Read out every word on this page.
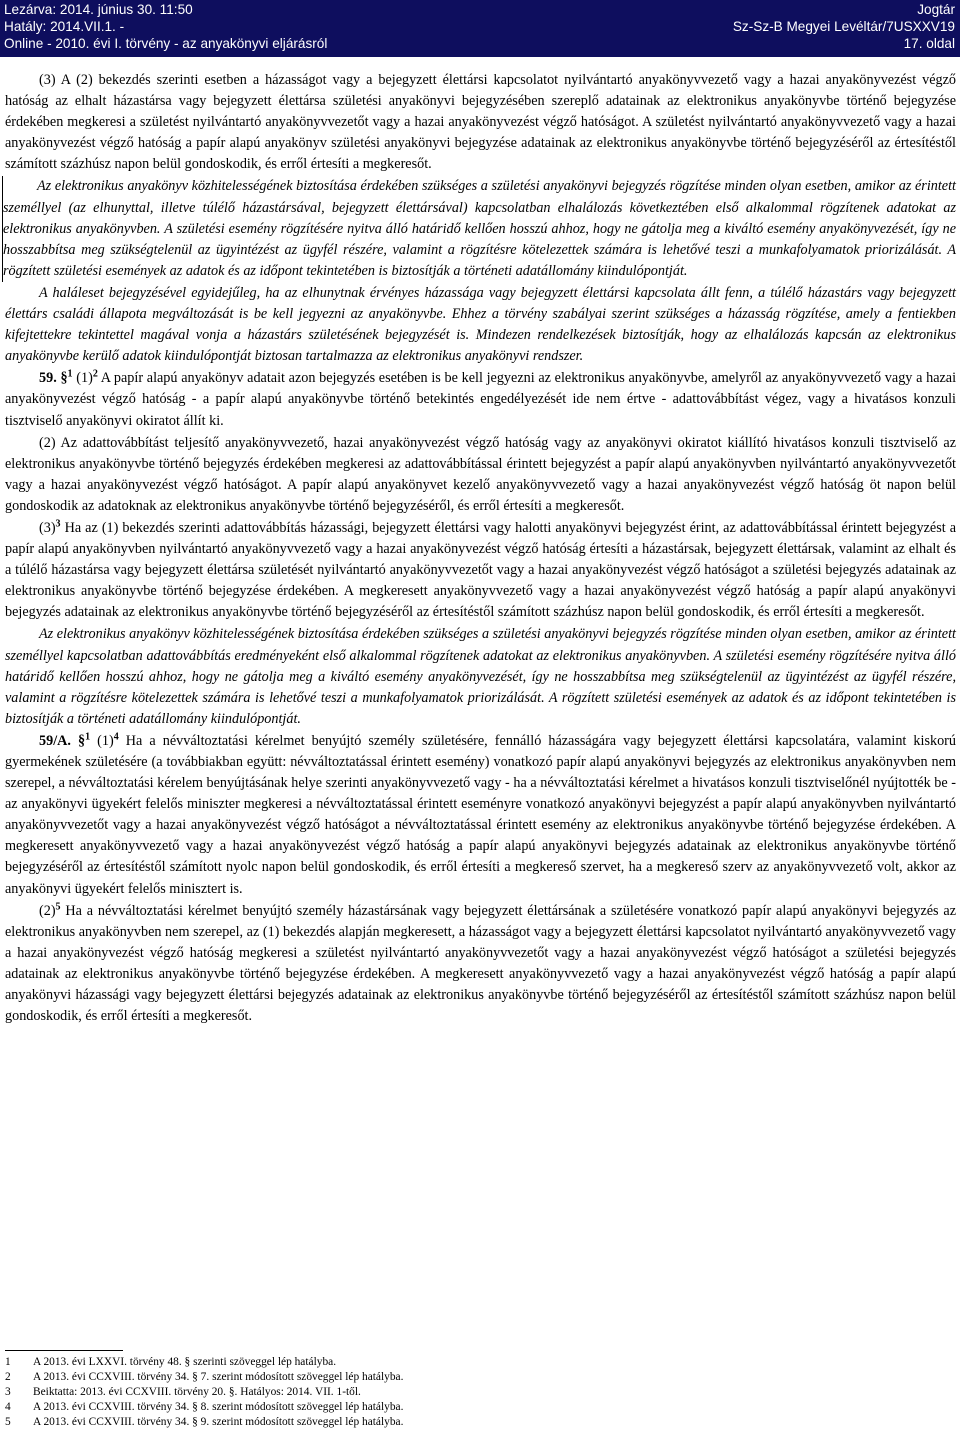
Lezárva: 2014. június 30. 11:50
Hatály: 2014.VII.1. -
Online - 2010. évi I. törvény - az anyakönyvi eljárásról
Jogtár
Sz-Sz-B Megyei Levéltár/7USXXV19
17. oldal

(3) A (2) bekezdés szerinti esetben a házasságot vagy a bejegyzett élettársi kapcsolatot nyilvántartó anyakönyvvezető vagy a hazai anyakönyvezést végző hatóság az elhalt házastársa vagy bejegyzett élettársa születési anyakönyvi bejegyzésében szereplő adatainak az elektronikus anyakönyvbe történő bejegyzése érdekében megkeresi a születést nyilvántartó anyakönyvvezetőt vagy a hazai anyakönyvezést végző hatóságot. A születést nyilvántartó anyakönyvvezető vagy a hazai anyakönyvezést végző hatóság a papír alapú anyakönyv születési anyakönyvi bejegyzése adatainak az elektronikus anyakönyvbe történő bejegyzéséről az értesítéstől számított százhúsz napon belül gondoskodik, és erről értesíti a megkeresőt.

Az elektronikus anyakönyv közhitelességének biztosítása érdekében szükséges a születési anyakönyvi bejegyzés rögzítése minden olyan esetben, amikor az érintett személlyel (az elhunyttal, illetve túlélő házastársával, bejegyzett élettársával) kapcsolatban elhalálozás következtében első alkalommal rögzítenek adatokat az elektronikus anyakönyvben. A születési esemény rögzítésére nyitva álló határidő kellően hosszú ahhoz, hogy ne gátolja meg a kiváltó esemény anyakönyvezését, így ne hosszabbítsa meg szükségtelenül az ügyintézést az ügyfél részére, valamint a rögzítésre kötelezettek számára is lehetővé teszi a munkafolyamatok priorizálását. A rögzített születési események az adatok és az időpont tekintetében is biztosítják a történeti adatállomány kiindulópontját.

A haláleset bejegyzésével egyidejűleg, ha az elhunytnak érvényes házassága vagy bejegyzett élettársi kapcsolata állt fenn, a túlélő házastárs vagy bejegyzett élettárs családi állapota megváltozását is be kell jegyezni az anyakönyvbe. Ehhez a törvény szabályai szerint szükséges a házasság rögzítése, amely a fentiekben kifejtettekre tekintettel magával vonja a házastárs születésének bejegyzését is. Mindezen rendelkezések biztosítják, hogy az elhalálozás kapcsán az elektronikus anyakönyvbe kerülő adatok kiindulópontját biztosan tartalmazza az elektronikus anyakönyvi rendszer.

59. §$^1$ $(1)^2$ A papír alapú anyakönyv adatait azon bejegyzés esetében is be kell jegyezni az elektronikus anyakönyvbe, amelyről az anyakönyvvezető vagy a hazai anyakönyvezést végző hatóság - a papír alapú anyakönyvbe történő betekintés engedélyezését ide nem értve - adattovábbítást végez, vagy a hivatásos konzuli tisztviselő anyakönyvi okiratot állít ki.

(2) Az adattovábbítást teljesítő anyakönyvvezető, hazai anyakönyvezést végző hatóság vagy az anyakönyvi okiratot kiállító hivatásos konzuli tisztviselő az elektronikus anyakönyvbe történő bejegyzés érdekében megkeresi az adattovábbítással érintett bejegyzést a papír alapú anyakönyvben nyilvántartó anyakönyvvezetőt vagy a hazai anyakönyvezést végző hatóságot. A papír alapú anyakönyvet kezelő anyakönyvvezető vagy a hazai anyakönyvezést végző hatóság öt napon belül gondoskodik az adatoknak az elektronikus anyakönyvbe történő bejegyzéséről, és erről értesíti a megkeresőt.

$(3)^3$ Ha az (1) bekezdés szerinti adattovábbítás házassági, bejegyzett élettársi vagy halotti anyakönyvi bejegyzést érint, az adattovábbítással érintett bejegyzést a papír alapú anyakönyvben nyilvántartó anyakönyvvezető vagy a hazai anyakönyvezést végző hatóság értesíti a házastársak, bejegyzett élettársak, valamint az elhalt és a túlélő házastársa vagy bejegyzett élettársa születését nyilvántartó anyakönyvvezetőt vagy a hazai anyakönyvezést végző hatóságot a születési bejegyzés adatainak az elektronikus anyakönyvbe történő bejegyzése érdekében. A megkeresett anyakönyvvezető vagy a hazai anyakönyvezést végző hatóság a papír alapú anyakönyvi bejegyzés adatainak az elektronikus anyakönyvbe történő bejegyzéséről az értesítéstől számított százhúsz napon belül gondoskodik, és erről értesíti a megkeresőt.

Az elektronikus anyakönyv közhitelességének biztosítása érdekében szükséges a születési anyakönyvi bejegyzés rögzítése minden olyan esetben, amikor az érintett személlyel kapcsolatban adattovábbítás eredményeként első alkalommal rögzítenek adatokat az elektronikus anyakönyvben. A születési esemény rögzítésére nyitva álló határidő kellően hosszú ahhoz, hogy ne gátolja meg a kiváltó esemény anyakönyvezését, így ne hosszabbítsa meg szükségtelenül az ügyintézést az ügyfél részére, valamint a rögzítésre kötelezettek számára is lehetővé teszi a munkafolyamatok priorizálását. A rögzített születési események az adatok és az időpont tekintetében is biztosítják a történeti adatállomány kiindulópontját.

59/A. §$^1$ $(1)^4$ Ha a névváltoztatási kérelmet benyújtó személy születésére, fennálló házasságára vagy bejegyzett élettársi kapcsolatára, valamint kiskorú gyermekének születésére (a továbbiakban együtt: névváltoztatással érintett esemény) vonatkozó papír alapú anyakönyvi bejegyzés az elektronikus anyakönyvben nem szerepel, a névváltoztatási kérelem benyújtásának helye szerinti anyakönyvvezető vagy - ha a névváltoztatási kérelmet a hivatásos konzuli tisztviselőnél nyújtotték be - az anyakönyvi ügyekért felelős miniszter megkeresi a névváltoztatással érintett eseményre vonatkozó anyakönyvi bejegyzést a papír alapú anyakönyvben nyilvántartó anyakönyvvezetőt vagy a hazai anyakönyvezést végző hatóságot a névváltoztatással érintett esemény az elektronikus anyakönyvbe történő bejegyzése érdekében. A megkeresett anyakönyvvezető vagy a hazai anyakönyvezést végző hatóság a papír alapú anyakönyvi bejegyzés adatainak az elektronikus anyakönyvbe történő bejegyzéséről az értesítéstől számított nyolc napon belül gondoskodik, és erről értesíti a megkereső szervet, ha a megkereső szerv az anyakönyvvezető volt, akkor az anyakönyvi ügyekért felelős minisztert is.

$(2)^5$ Ha a névváltoztatási kérelmet benyújtó személy házastársának vagy bejegyzett élettársának a születésére vonatkozó papír alapú anyakönyvi bejegyzés az elektronikus anyakönyvben nem szerepel, az (1) bekezdés alapján megkeresett, a házasságot vagy a bejegyzett élettársi kapcsolatot nyilvántartó anyakönyvvezető vagy a hazai anyakönyvezést végző hatóság megkeresi a születést nyilvántartó anyakönyvvezetőt vagy a hazai anyakönyvezést végző hatóságot a születési bejegyzés adatainak az elektronikus anyakönyvbe történő bejegyzése érdekében. A megkeresett anyakönyvvezető vagy a hazai anyakönyvezést végző hatóság a papír alapú anyakönyvi házassági vagy bejegyzett élettársi bejegyzés adatainak az elektronikus anyakönyvbe történő bejegyzéséről az értesítéstől számított százhúsz napon belül gondoskodik, és erről értesíti a megkeresőt.

1 A 2013. évi LXXVI. törvény 48. § szerinti szöveggel lép hatályba.
2 A 2013. évi CCXVIII. törvény 34. § 7. szerint módosított szöveggel lép hatályba.
3 Beiktatta: 2013. évi CCXVIII. törvény 20. §. Hatályos: 2014. VII. 1-től.
4 A 2013. évi CCXVIII. törvény 34. § 8. szerint módosított szöveggel lép hatályba.
5 A 2013. évi CCXVIII. törvény 34. § 9. szerint módosított szöveggel lép hatályba.
